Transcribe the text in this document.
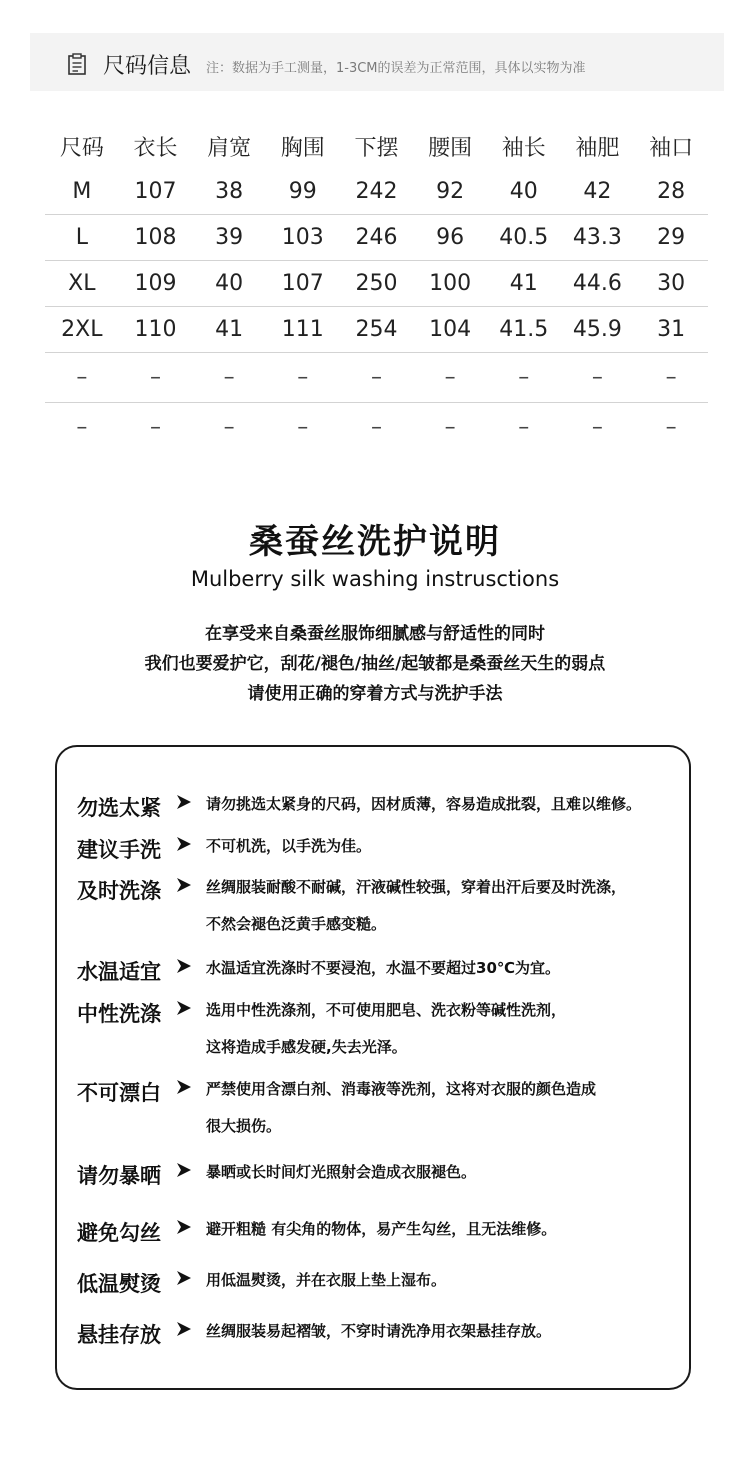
尺码信息 注：数据为手工测量，1-3CM的误差为正常范围，具体以实物为准
尺码	衣长	肩宽	胸围	下摆	腰围	袖长	袖肥	袖口
M	107	38	99	242	92	40	42	28
L	108	39	103	246	96	40.5	43.3	29
XL	109	40	107	250	100	41	44.6	30
2XL	110	41	111	254	104	41.5	45.9	31
–	–	–	–	–	–	–	–	–
–	–	–	–	–	–	–	–	–
桑蚕丝洗护说明
Mulberry silk washing instrusctions
在享受来自桑蚕丝服饰细腻感与舒适性的同时
我们也要爱护它，刮花/褪色/抽丝/起皱都是桑蚕丝天生的弱点
请使用正确的穿着方式与洗护手法
勿选太紧	请勿挑选太紧身的尺码，因材质薄，容易造成批裂，且难以维修。
建议手洗	不可机洗，以手洗为佳。
及时洗涤	丝绸服装耐酸不耐碱，汗液碱性较强，穿着出汗后要及时洗涤，
不然会褪色泛黄手感变糙。
水温适宜	水温适宜洗涤时不要浸泡，水温不要超过30℃为宜。
中性洗涤	选用中性洗涤剂，不可使用肥皂、洗衣粉等碱性洗剂，
这将造成手感发硬,失去光泽。
不可漂白	严禁使用含漂白剂、消毒液等洗剂，这将对衣服的颜色造成
很大损伤。
请勿暴晒	暴晒或长时间灯光照射会造成衣服褪色。
避免勾丝	避开粗糙 有尖角的物体，易产生勾丝，且无法维修。
低温熨烫	用低温熨烫，并在衣服上垫上湿布。
悬挂存放	丝绸服装易起褶皱，不穿时请洗净用衣架悬挂存放。
